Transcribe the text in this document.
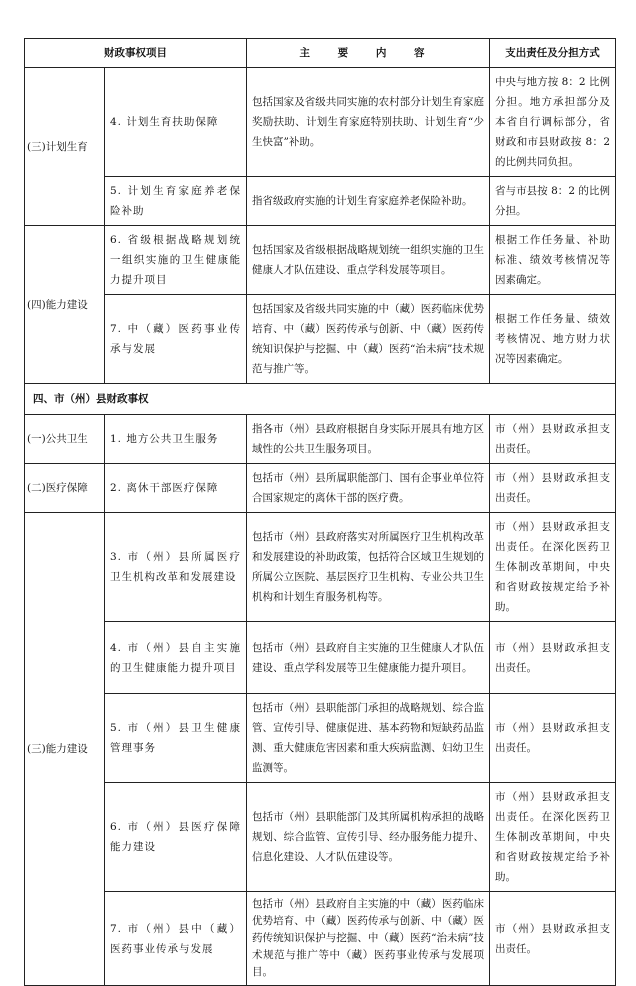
财政事权项目		主 要 内 容	支出责任及分担方式
(三)计划生育	4. 计划生育扶助保障	包括国家及省级共同实施的农村部分计划生育家庭奖励扶助、计划生育家庭特别扶助、计划生育“少生快富”补助。	中央与地方按 8：2 比例分担。地方承担部分及本省自行调标部分，省财政和市县财政按 8：2 的比例共同负担。
	5. 计划生育家庭养老保险补助	指省级政府实施的计划生育家庭养老保险补助。	省与市县按 8：2 的比例分担。
(四)能力建设	6. 省级根据战略规划统一组织实施的卫生健康能力提升项目	包括国家及省级根据战略规划统一组织实施的卫生健康人才队伍建设、重点学科发展等项目。	根据工作任务量、补助标准、绩效考核情况等因素确定。
	7. 中（藏）医药事业传承与发展	包括国家及省级共同实施的中（藏）医药临床优势培育、中（藏）医药传承与创新、中（藏）医药传统知识保护与挖掘、中（藏）医药“治未病”技术规范与推广等。	根据工作任务量、绩效考核情况、地方财力状况等因素确定。
四、市（州）县财政事权			
(一)公共卫生	1. 地方公共卫生服务	指各市（州）县政府根据自身实际开展具有地方区域性的公共卫生服务项目。	市（州）县财政承担支出责任。
(二)医疗保障	2. 离休干部医疗保障	包括市（州）县所属职能部门、国有企事业单位符合国家规定的离休干部的医疗费。	市（州）县财政承担支出责任。
(三)能力建设	3. 市（州）县所属医疗卫生机构改革和发展建设	包括市（州）县政府落实对所属医疗卫生机构改革和发展建设的补助政策，包括符合区域卫生规划的所属公立医院、基层医疗卫生机构、专业公共卫生机构和计划生育服务机构等。	市（州）县财政承担支出责任。在深化医药卫生体制改革期间，中央和省财政按规定给予补助。
	4. 市（州）县自主实施的卫生健康能力提升项目	包括市（州）县政府自主实施的卫生健康人才队伍建设、重点学科发展等卫生健康能力提升项目。	市（州）县财政承担支出责任。
	5. 市（州）县卫生健康管理事务	包括市（州）县职能部门承担的战略规划、综合监管、宣传引导、健康促进、基本药物和短缺药品监测、重大健康危害因素和重大疾病监测、妇幼卫生监测等。	市（州）县财政承担支出责任。
	6. 市（州）县医疗保障能力建设	包括市（州）县职能部门及其所属机构承担的战略规划、综合监管、宣传引导、经办服务能力提升、信息化建设、人才队伍建设等。	市（州）县财政承担支出责任。在深化医药卫生体制改革期间，中央和省财政按规定给予补助。
	7. 市（州）县中（藏）医药事业传承与发展	包括市（州）县政府自主实施的中（藏）医药临床优势培育、中（藏）医药传承与创新、中（藏）医药传统知识保护与挖掘、中（藏）医药“治未病”技术规范与推广等中（藏）医药事业传承与发展项目。	市（州）县财政承担支出责任。
